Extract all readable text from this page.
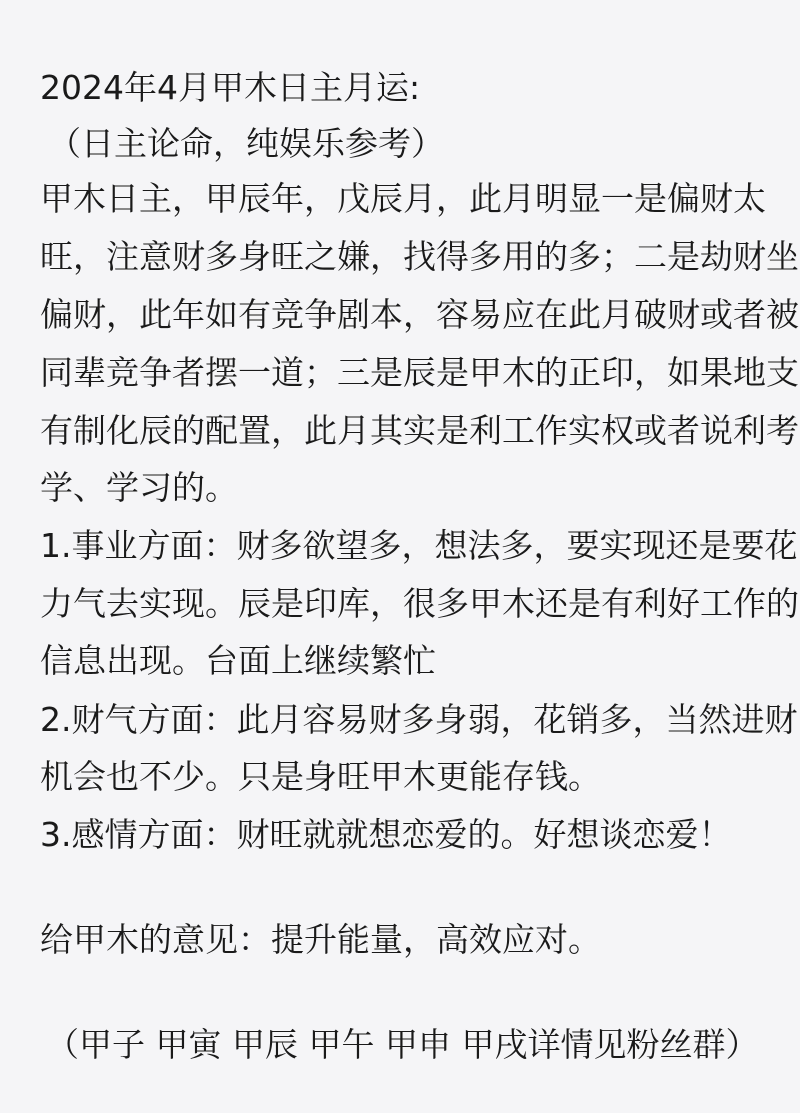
2024年4月甲木日主月运:
（日主论命，纯娱乐参考）
甲木日主，甲辰年，戊辰月，此月明显一是偏财太
旺，注意财多身旺之嫌，找得多用的多；二是劫财坐
偏财，此年如有竞争剧本，容易应在此月破财或者被
同辈竞争者摆一道；三是辰是甲木的正印，如果地支
有制化辰的配置，此月其实是利工作实权或者说利考
学、学习的。
1.事业方面：财多欲望多，想法多，要实现还是要花
力气去实现。辰是印库，很多甲木还是有利好工作的
信息出现。台面上继续繁忙
2.财气方面：此月容易财多身弱，花销多，当然进财
机会也不少。只是身旺甲木更能存钱。
3.感情方面：财旺就就想恋爱的。好想谈恋爱！
给甲木的意见：提升能量，高效应对。
（甲子 甲寅 甲辰 甲午 甲申 甲戌详情见粉丝群）
